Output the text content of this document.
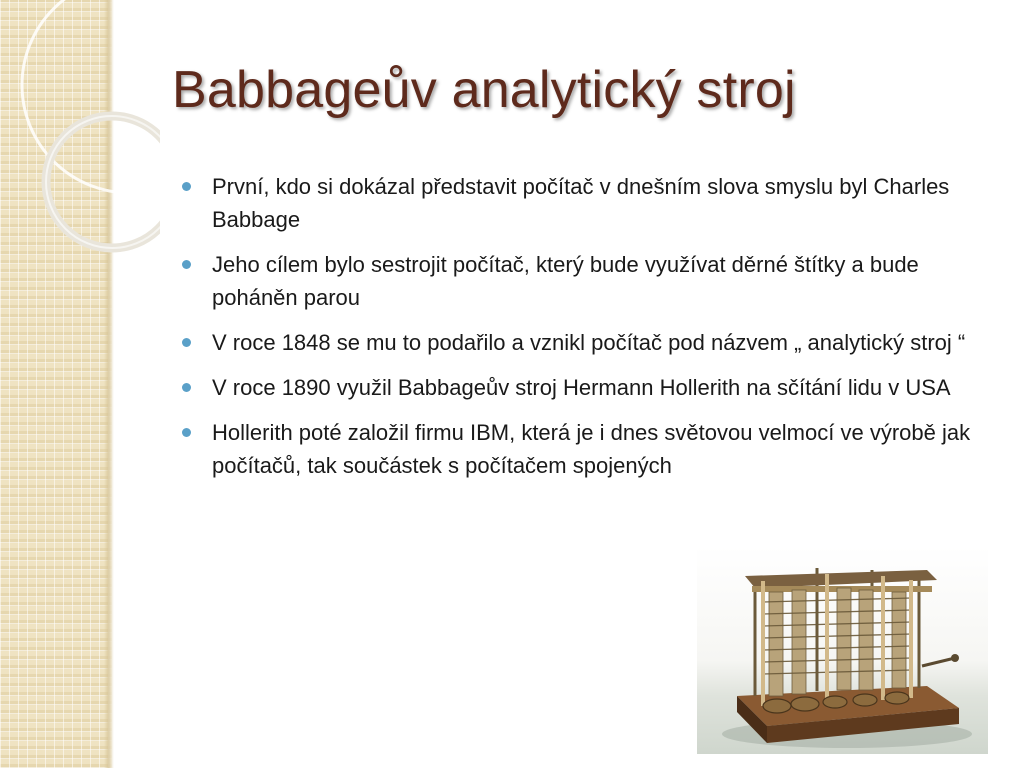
Babbageův analytický stroj
První, kdo si dokázal představit počítač v dnešním slova smyslu byl Charles Babbage
Jeho cílem bylo sestrojit počítač, který bude využívat děrné štítky a bude poháněn parou
V roce 1848 se mu to podařilo a vznikl počítač pod názvem „ analytický stroj “
V roce 1890 využil Babbageův stroj Hermann Hollerith na sčítání lidu v USA
Hollerith poté založil firmu IBM, která je i dnes světovou velmocí ve výrobě jak počítačů, tak součástek s počítačem spojených
